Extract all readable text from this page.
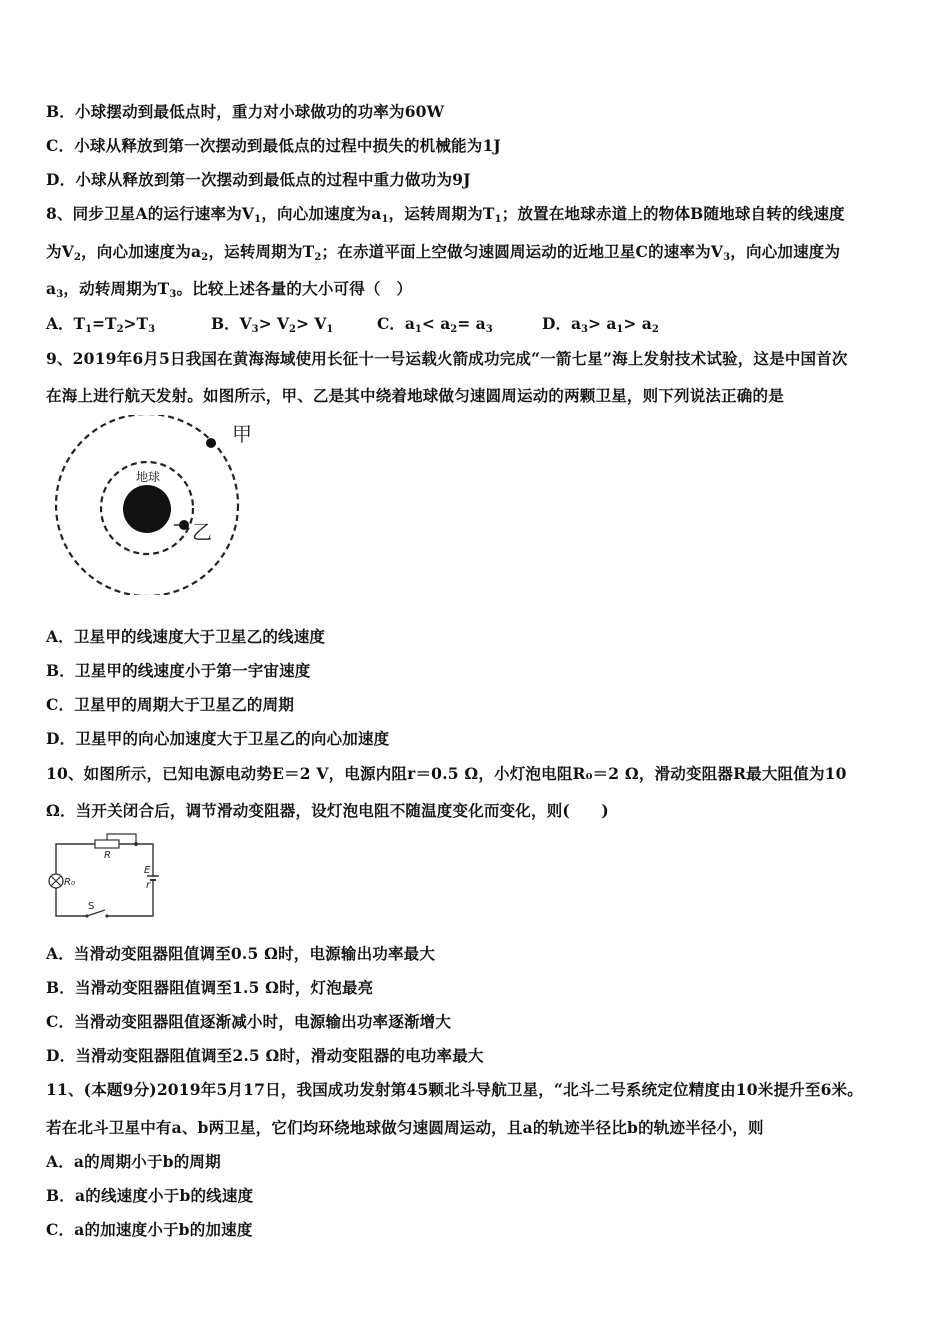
B．小球摆动到最低点时，重力对小球做功的功率为60W
C．小球从释放到第一次摆动到最低点的过程中损失的机械能为1J
D．小球从释放到第一次摆动到最低点的过程中重力做功为9J
8、同步卫星A的运行速率为$V_1$，向心加速度为$a_1$，运转周期为$T_1$；放置在地球赤道上的物体B随地球自转的线速度
为$V_2$，向心加速度为$a_2$，运转周期为$T_2$；在赤道平面上空做匀速圆周运动的近地卫星C的速率为$V_3$，向心加速度为
$a_3$，动转周期为$T_3$。比较上述各量的大小可得（　）
A．$T_1=T_2>T_3$	B．$V_3> V_2> V_1$	C．$a_1< a_2= a_3$	D．$a_3> a_1> a_2$
9、2019年6月5日我国在黄海海域使用长征十一号运载火箭成功完成“一箭七星”海上发射技术试验，这是中国首次
在海上进行航天发射。如图所示，甲、乙是其中绕着地球做匀速圆周运动的两颗卫星，则下列说法正确的是
地球
甲
乙
A．卫星甲的线速度大于卫星乙的线速度
B．卫星甲的线速度小于第一宇宙速度
C．卫星甲的周期大于卫星乙的周期
D．卫星甲的向心加速度大于卫星乙的向心加速度
10、如图所示，已知电源电动势E＝2 V，电源内阻r＝0.5 Ω，小灯泡电阻R₀＝2 Ω，滑动变阻器R最大阻值为10
Ω．当开关闭合后，调节滑动变阻器，设灯泡电阻不随温度变化而变化，则(　　)
R
R₀
E
r
S
A．当滑动变阻器阻值调至0.5 Ω时，电源输出功率最大
B．当滑动变阻器阻值调至1.5 Ω时，灯泡最亮
C．当滑动变阻器阻值逐渐减小时，电源输出功率逐渐增大
D．当滑动变阻器阻值调至2.5 Ω时，滑动变阻器的电功率最大
11、(本题9分)2019年5月17日，我国成功发射第45颗北斗导航卫星，“北斗二号系统定位精度由10米提升至6米。
若在北斗卫星中有a、b两卫星，它们均环绕地球做匀速圆周运动，且a的轨迹半径比b的轨迹半径小，则
A．a的周期小于b的周期
B．a的线速度小于b的线速度
C．a的加速度小于b的加速度
